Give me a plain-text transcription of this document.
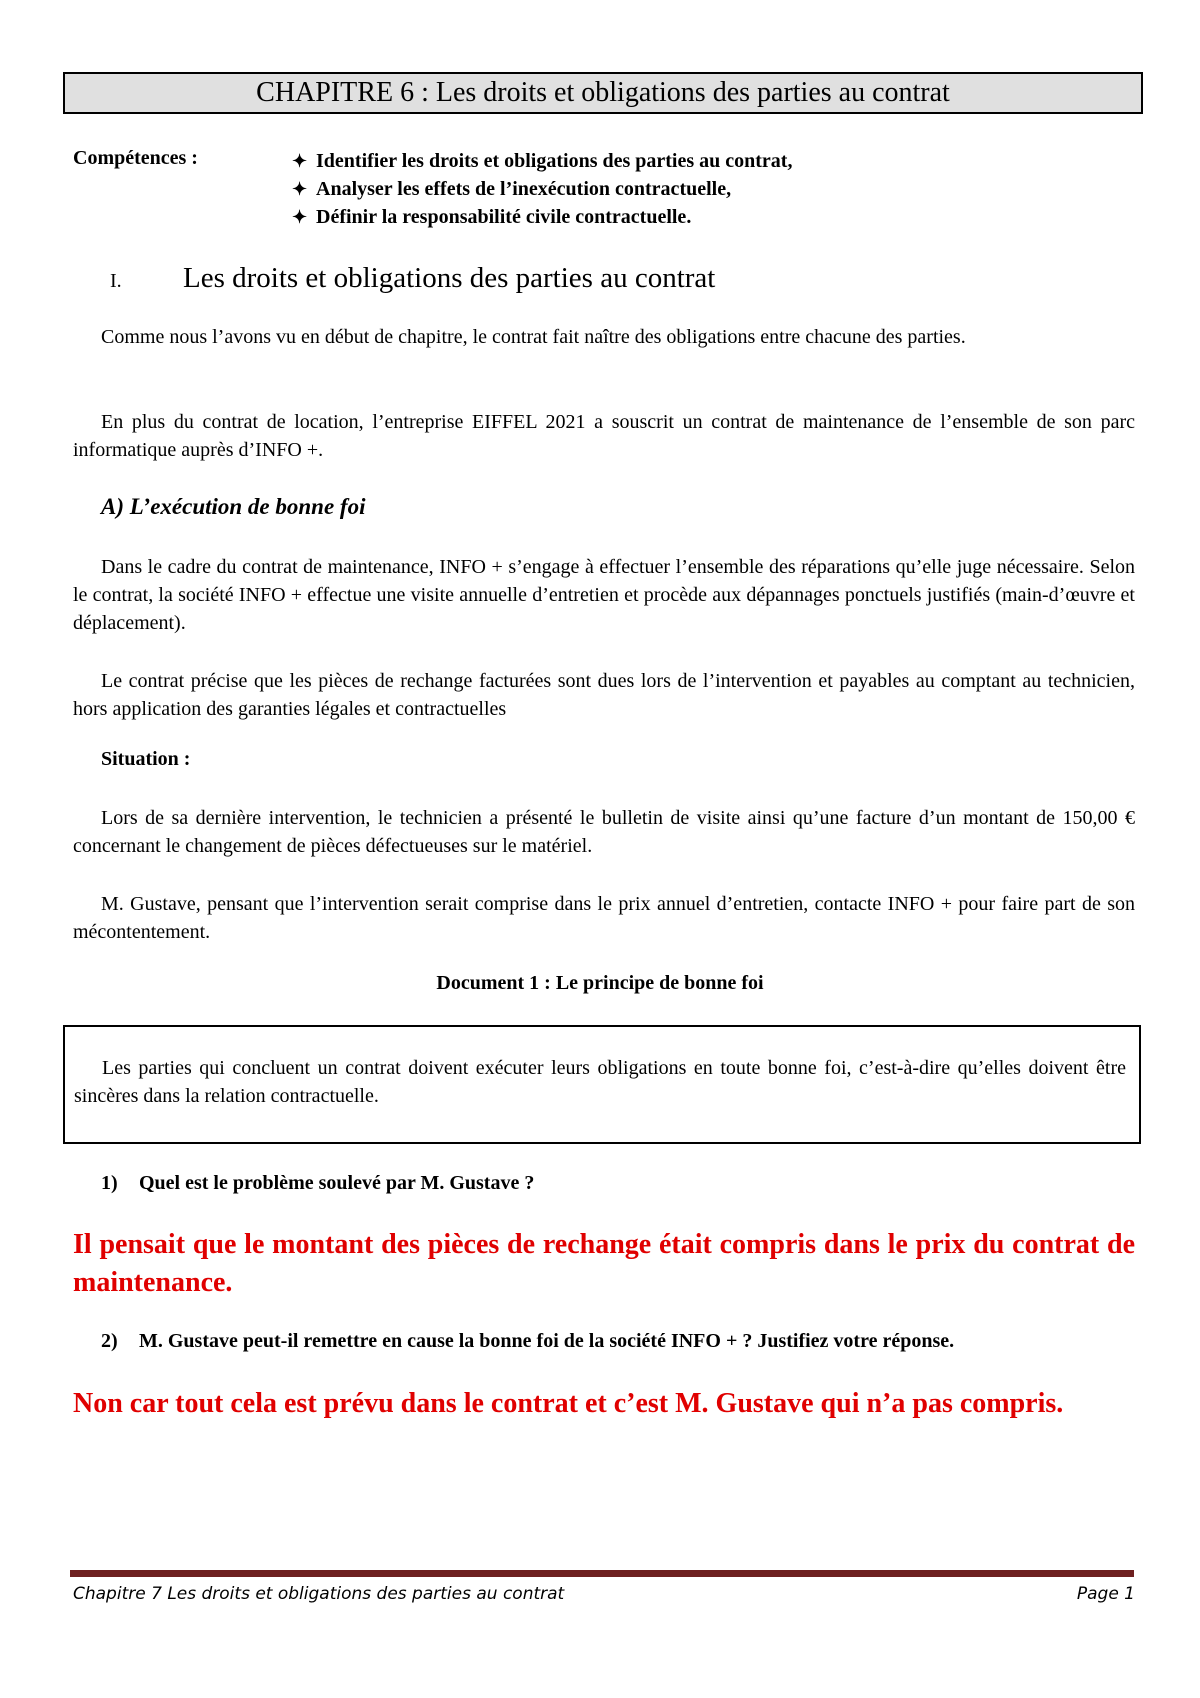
CHAPITRE 6 : Les droits et obligations des parties au contrat
Compétences :	✦ Identifier les droits et obligations des parties au contrat,
✦ Analyser les effets de l’inexécution contractuelle,
✦ Définir la responsabilité civile contractuelle.
I.	Les droits et obligations des parties au contrat
Comme nous l’avons vu en début de chapitre, le contrat fait naître des obligations entre chacune des parties.
En plus du contrat de location, l’entreprise EIFFEL 2021 a souscrit un contrat de maintenance de l’ensemble de son parc informatique auprès d’INFO +.
A) L’exécution de bonne foi
Dans le cadre du contrat de maintenance, INFO + s’engage à effectuer l’ensemble des réparations qu’elle juge nécessaire. Selon le contrat, la société INFO + effectue une visite annuelle d’entretien et procède aux dépannages ponctuels justifiés (main-d’œuvre et déplacement).
Le contrat précise que les pièces de rechange facturées sont dues lors de l’intervention et payables au comptant au technicien, hors application des garanties légales et contractuelles
Situation :
Lors de sa dernière intervention, le technicien a présenté le bulletin de visite ainsi qu’une facture d’un montant de 150,00 € concernant le changement de pièces défectueuses sur le matériel.
M. Gustave, pensant que l’intervention serait comprise dans le prix annuel d’entretien, contacte INFO + pour faire part de son mécontentement.
Document 1 : Le principe de bonne foi
Les parties qui concluent un contrat doivent exécuter leurs obligations en toute bonne foi, c’est-à-dire qu’elles doivent être sincères dans la relation contractuelle.
1)	Quel est le problème soulevé par M. Gustave ?
Il pensait que le montant des pièces de rechange était compris dans le prix du contrat de maintenance.
2)	M. Gustave peut-il remettre en cause la bonne foi de la société INFO + ? Justifiez votre réponse.
Non car tout cela est prévu dans le contrat et c’est M. Gustave qui n’a pas compris.
Chapitre 7 Les droits et obligations des parties au contrat	Page 1
